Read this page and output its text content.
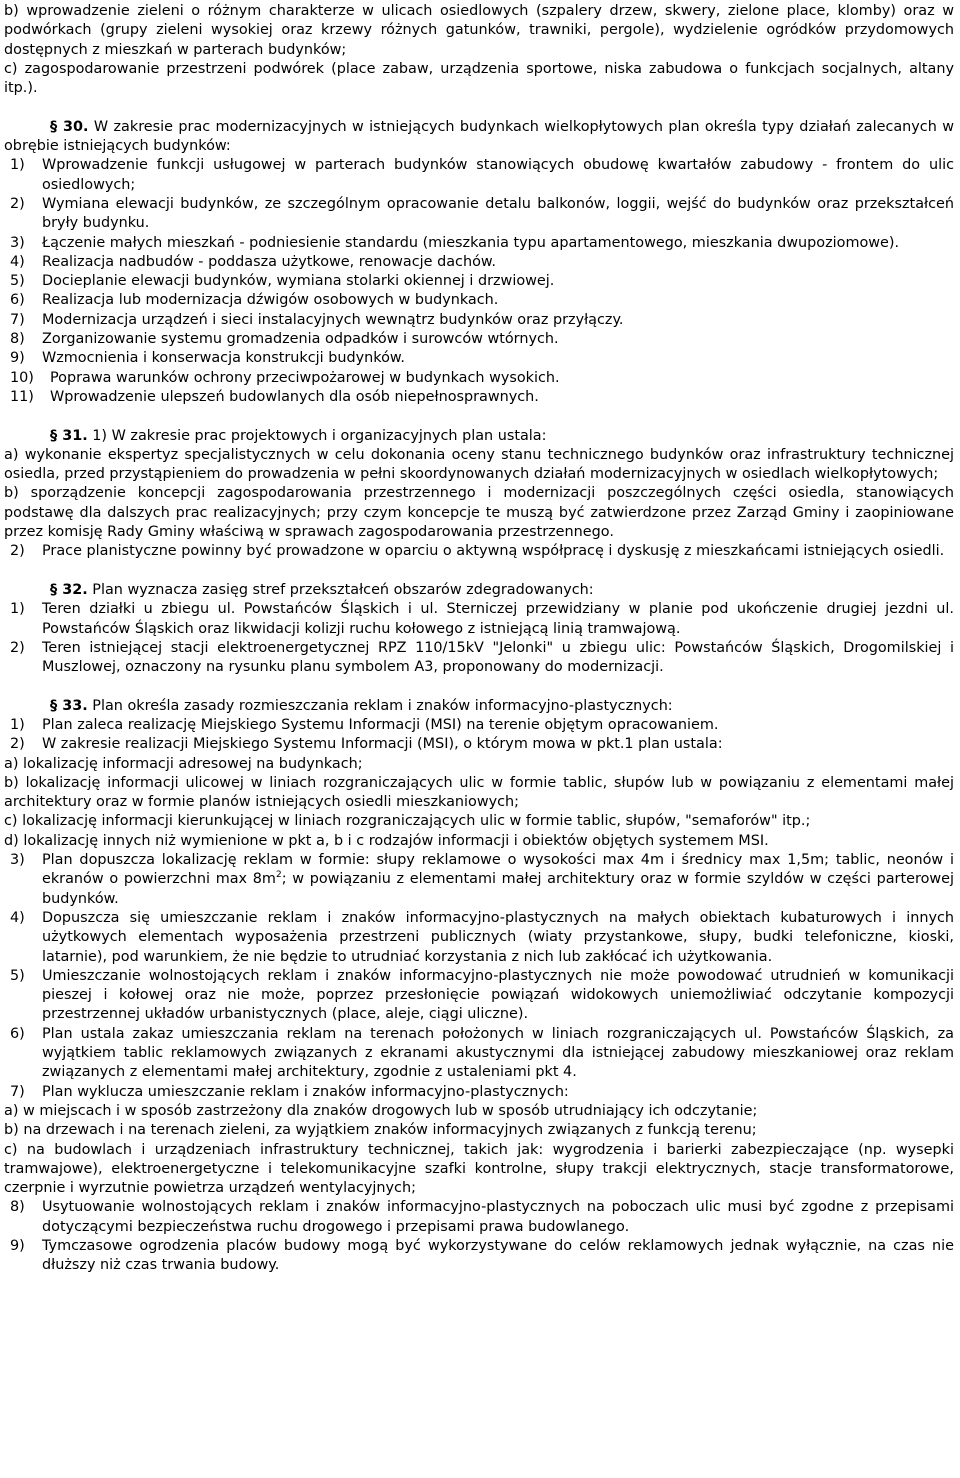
b) wprowadzenie zieleni o różnym charakterze w ulicach osiedlowych (szpalery drzew, skwery, zielone place, klomby) oraz w podwórkach (grupy zieleni wysokiej oraz krzewy różnych gatunków, trawniki, pergole), wydzielenie ogródków przydomowych dostępnych z mieszkań w parterach budynków;

c) zagospodarowanie przestrzeni podwórek (place zabaw, urządzenia sportowe, niska zabudowa o funkcjach socjalnych, altany itp.).

§ 30. W zakresie prac modernizacyjnych w istniejących budynkach wielkopłytowych plan określa typy działań zalecanych w obrębie istniejących budynków:

1)	Wprowadzenie funkcji usługowej w parterach budynków stanowiących obudowę kwartałów zabudowy - frontem do ulic osiedlowych;
2)	Wymiana elewacji budynków, ze szczególnym opracowanie detalu balkonów, loggii, wejść do budynków oraz przekształceń bryły budynku.
3)	Łączenie małych mieszkań - podniesienie standardu (mieszkania typu apartamentowego, mieszkania dwupoziomowe).
4)	Realizacja nadbudów - poddasza użytkowe, renowacje dachów.
5)	Docieplanie elewacji budynków, wymiana stolarki okiennej i drzwiowej.
6)	Realizacja lub modernizacja dźwigów osobowych w budynkach.
7)	Modernizacja urządzeń i sieci instalacyjnych wewnątrz budynków oraz przyłączy.
8)	Zorganizowanie systemu gromadzenia odpadków i surowców wtórnych.
9)	Wzmocnienia i konserwacja konstrukcji budynków.
10)	Poprawa warunków ochrony przeciwpożarowej w budynkach wysokich.
11)	Wprowadzenie ulepszeń budowlanych dla osób niepełnosprawnych.

§ 31. 1) W zakresie prac projektowych i organizacyjnych plan ustala:

a) wykonanie ekspertyz specjalistycznych w celu dokonania oceny stanu technicznego budynków oraz infrastruktury technicznej osiedla, przed przystąpieniem do prowadzenia w pełni skoordynowanych działań modernizacyjnych w osiedlach wielkopłytowych;

b) sporządzenie koncepcji zagospodarowania przestrzennego i modernizacji poszczególnych części osiedla, stanowiących podstawę dla dalszych prac realizacyjnych; przy czym koncepcje te muszą być zatwierdzone przez Zarząd Gminy i zaopiniowane przez komisję Rady Gminy właściwą w sprawach zagospodarowania przestrzennego.

2)	Prace planistyczne powinny być prowadzone w oparciu o aktywną współpracę i dyskusję z mieszkańcami istniejących osiedli.

§ 32. Plan wyznacza zasięg stref przekształceń obszarów zdegradowanych:

1)	Teren działki u zbiegu ul. Powstańców Śląskich i ul. Sterniczej przewidziany w planie pod ukończenie drugiej jezdni ul. Powstańców Śląskich oraz likwidacji kolizji ruchu kołowego z istniejącą linią tramwajową.
2)	Teren istniejącej stacji elektroenergetycznej RPZ 110/15kV "Jelonki" u zbiegu ulic: Powstańców Śląskich, Drogomilskiej i Muszlowej, oznaczony na rysunku planu symbolem A3, proponowany do modernizacji.

§ 33. Plan określa zasady rozmieszczania reklam i znaków informacyjno-plastycznych:

1)	Plan zaleca realizację Miejskiego Systemu Informacji (MSI) na terenie objętym opracowaniem.
2)	W zakresie realizacji Miejskiego Systemu Informacji (MSI), o którym mowa w pkt.1 plan ustala:

a) lokalizację informacji adresowej na budynkach;

b) lokalizację informacji ulicowej w liniach rozgraniczających ulic w formie tablic, słupów lub w powiązaniu z elementami małej architektury oraz w formie planów istniejących osiedli mieszkaniowych;

c) lokalizację informacji kierunkującej w liniach rozgraniczających ulic w formie tablic, słupów, "semaforów" itp.;

d) lokalizację innych niż wymienione w pkt a, b i c rodzajów informacji i obiektów objętych systemem MSI.

3)	Plan dopuszcza lokalizację reklam w formie: słupy reklamowe o wysokości max 4m i średnicy max 1,5m; tablic, neonów i ekranów o powierzchni $\max 8m^2$; w powiązaniu z elementami małej architektury oraz w formie szyldów w części parterowej budynków.
4)	Dopuszcza się umieszczanie reklam i znaków informacyjno-plastycznych na małych obiektach kubaturowych i innych użytkowych elementach wyposażenia przestrzeni publicznych (wiaty przystankowe, słupy, budki telefoniczne, kioski, latarnie), pod warunkiem, że nie będzie to utrudniać korzystania z nich lub zakłócać ich użytkowania.
5)	Umieszczanie wolnostojących reklam i znaków informacyjno-plastycznych nie może powodować utrudnień w komunikacji pieszej i kołowej oraz nie może, poprzez przesłonięcie powiązań widokowych uniemożliwiać odczytanie kompozycji przestrzennej układów urbanistycznych (place, aleje, ciągi uliczne).
6)	Plan ustala zakaz umieszczania reklam na terenach położonych w liniach rozgraniczających ul. Powstańców Śląskich, za wyjątkiem tablic reklamowych związanych z ekranami akustycznymi dla istniejącej zabudowy mieszkaniowej oraz reklam związanych z elementami małej architektury, zgodnie z ustaleniami pkt 4.
7)	Plan wyklucza umieszczanie reklam i znaków informacyjno-plastycznych:

a) w miejscach i w sposób zastrzeżony dla znaków drogowych lub w sposób utrudniający ich odczytanie;

b) na drzewach i na terenach zieleni, za wyjątkiem znaków informacyjnych związanych z funkcją terenu;

c) na budowlach i urządzeniach infrastruktury technicznej, takich jak: wygrodzenia i barierki zabezpieczające (np. wysepki tramwajowe), elektroenergetyczne i telekomunikacyjne szafki kontrolne, słupy trakcji elektrycznych, stacje transformatorowe, czerpnie i wyrzutnie powietrza urządzeń wentylacyjnych;

8)	Usytuowanie wolnostojących reklam i znaków informacyjno-plastycznych na poboczach ulic musi być zgodne z przepisami dotyczącymi bezpieczeństwa ruchu drogowego i przepisami prawa budowlanego.
9)	Tymczasowe ogrodzenia placów budowy mogą być wykorzystywane do celów reklamowych jednak wyłącznie, na czas nie dłuższy niż czas trwania budowy.
